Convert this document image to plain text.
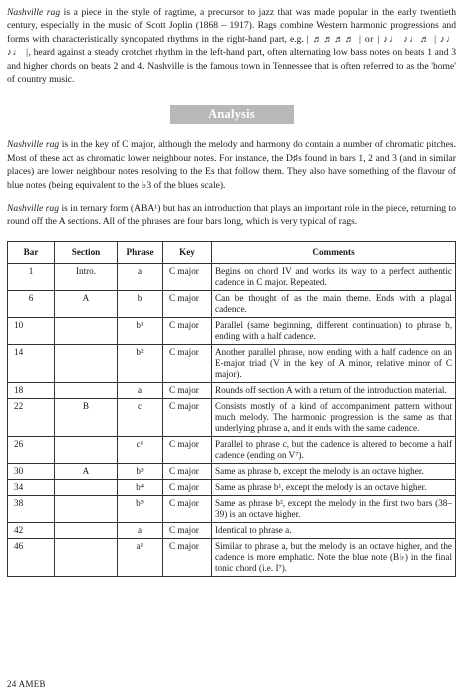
Nashville rag is a piece in the style of ragtime, a precursor to jazz that was made popular in the early twentieth century, especially in the music of Scott Joplin (1868 – 1917). Rags combine Western harmonic progressions and forms with characteristically syncopated rhythms in the right-hand part, e.g. | ♬♬♬♬ | or | ♪♩ ♪♩♬ | ♪♩ ♪♩ |, heard against a steady crotchet rhythm in the left-hand part, often alternating low bass notes on beats 1 and 3 and higher chords on beats 2 and 4. Nashville is the famous town in Tennessee that is often referred to as the 'home' of country music.

Analysis

Nashville rag is in the key of C major, although the melody and harmony do contain a number of chromatic pitches. Most of these act as chromatic lower neighbour notes. For instance, the D♯s found in bars 1, 2 and 3 (and in similar places) are lower neighbour notes resolving to the Es that follow them. They also have something of the flavour of blue notes (being equivalent to the ♭3 of the blues scale).

Nashville rag is in ternary form (ABA¹) but has an introduction that plays an important role in the piece, returning to round off the A sections. All of the phrases are four bars long, which is very typical of rags.

Bar	Section	Phrase	Key	Comments
1	Intro.	a	C major	Begins on chord IV and works its way to a perfect authentic cadence in C major. Repeated.
6	A	b	C major	Can be thought of as the main theme. Ends with a plagal cadence.
10		b¹	C major	Parallel (same beginning, different continuation) to phrase b, ending with a half cadence.
14		b²	C major	Another parallel phrase, now ending with a half cadence on an E-major triad (V in the key of A minor, relative minor of C major).
18		a	C major	Rounds off section A with a return of the introduction material.
22	B	c	C major	Consists mostly of a kind of accompaniment pattern without much melody. The harmonic progression is the same as that underlying phrase a, and it ends with the same cadence.
26		c¹	C major	Parallel to phrase c, but the cadence is altered to become a half cadence (ending on V⁷).
30	A	b³	C major	Same as phrase b, except the melody is an octave higher.
34		b⁴	C major	Same as phrase b¹, except the melody is an octave higher.
38		b⁵	C major	Same as phrase b², except the melody in the first two bars (38–39) is an octave higher.
42		a	C major	Identical to phrase a.
46		a¹	C major	Similar to phrase a, but the melody is an octave higher, and the cadence is more emphatic. Note the blue note (B♭) in the final tonic chord (i.e. I⁷).
24 AMEB
